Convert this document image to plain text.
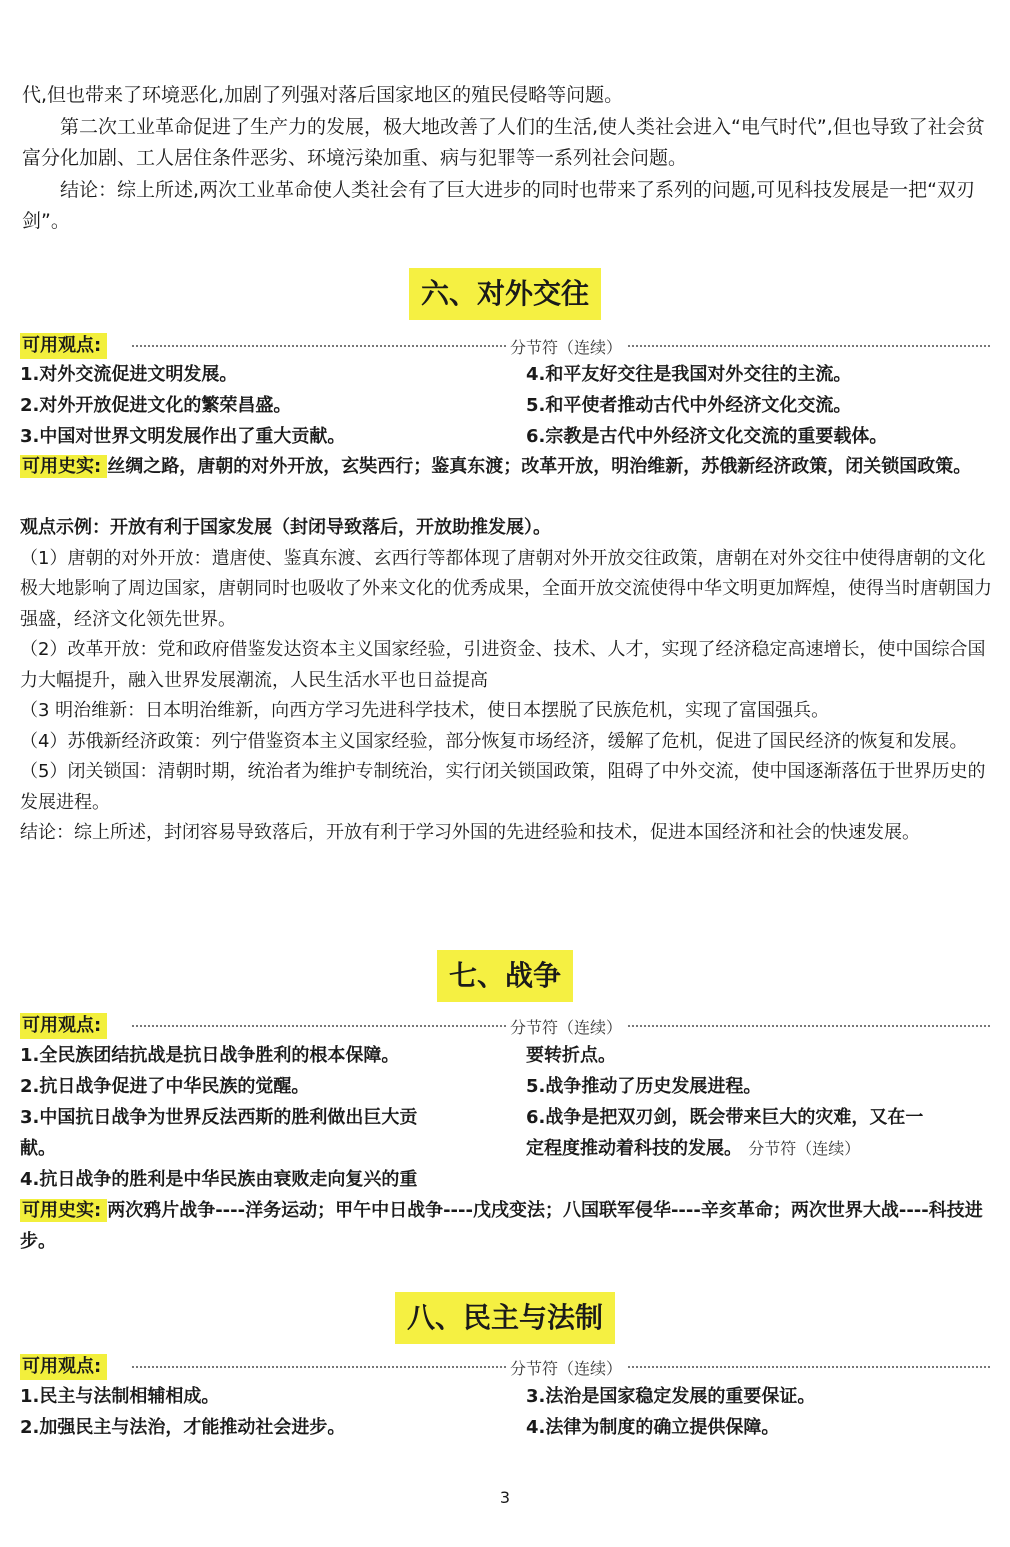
代,但也带来了环境恶化,加剧了列强对落后国家地区的殖民侵略等问题。

第二次工业革命促进了生产力的发展，极大地改善了人们的生活,使人类社会进入“电气时代”,但也导致了社会贫富分化加剧、工人居住条件恶劣、环境污染加重、病与犯罪等一系列社会问题。

结论：综上所述,两次工业革命使人类社会有了巨大进步的同时也带来了系列的问题,可见科技发展是一把“双刃剑”。

六、对外交往
可用观点:	分节符（连续）
1.对外交流促进文明发展。
2.对外开放促进文化的繁荣昌盛。
3.中国对世界文明发展作出了重大贡献。
4.和平友好交往是我国对外交往的主流。
5.和平使者推动古代中外经济文化交流。
6.宗教是古代中外经济文化交流的重要载体。

可用史实: 丝绸之路，唐朝的对外开放，玄奘西行；鉴真东渡；改革开放，明治维新，苏俄新经济政策，闭关锁国政策。

观点示例：开放有利于国家发展（封闭导致落后，开放助推发展）。

（1）唐朝的对外开放：遣唐使、鉴真东渡、玄西行等都体现了唐朝对外开放交往政策，唐朝在对外交往中使得唐朝的文化极大地影响了周边国家，唐朝同时也吸收了外来文化的优秀成果，全面开放交流使得中华文明更加辉煌，使得当时唐朝国力强盛，经济文化领先世界。

（2）改革开放：党和政府借鉴发达资本主义国家经验，引进资金、技术、人才，实现了经济稳定高速增长，使中国综合国力大幅提升，融入世界发展潮流，人民生活水平也日益提高

（3 明治维新：日本明治维新，向西方学习先进科学技术，使日本摆脱了民族危机，实现了富国强兵。

（4）苏俄新经济政策：列宁借鉴资本主义国家经验，部分恢复市场经济，缓解了危机，促进了国民经济的恢复和发展。

（5）闭关锁国：清朝时期，统治者为维护专制统治，实行闭关锁国政策，阻碍了中外交流，使中国逐渐落伍于世界历史的发展进程。

结论：综上所述，封闭容易导致落后，开放有利于学习外国的先进经验和技术，促进本国经济和社会的快速发展。

七、战争
可用观点:	分节符（连续）
1.全民族团结抗战是抗日战争胜利的根本保障。
2.抗日战争促进了中华民族的觉醒。
3.中国抗日战争为世界反法西斯的胜利做出巨大贡
献。
4.抗日战争的胜利是中华民族由衰败走向复兴的重
要转折点。
5.战争推动了历史发展进程。
6.战争是把双刃剑，既会带来巨大的灾难，又在一
定程度推动着科技的发展。 分节符（连续）

可用史实: 两次鸦片战争----洋务运动；甲午中日战争----戊戌变法；八国联军侵华----辛亥革命；两次世界大战----科技进步。

八、民主与法制
可用观点:	分节符（连续）
1.民主与法制相辅相成。
2.加强民主与法治，才能推动社会进步。
3.法治是国家稳定发展的重要保证。
4.法律为制度的确立提供保障。
3
